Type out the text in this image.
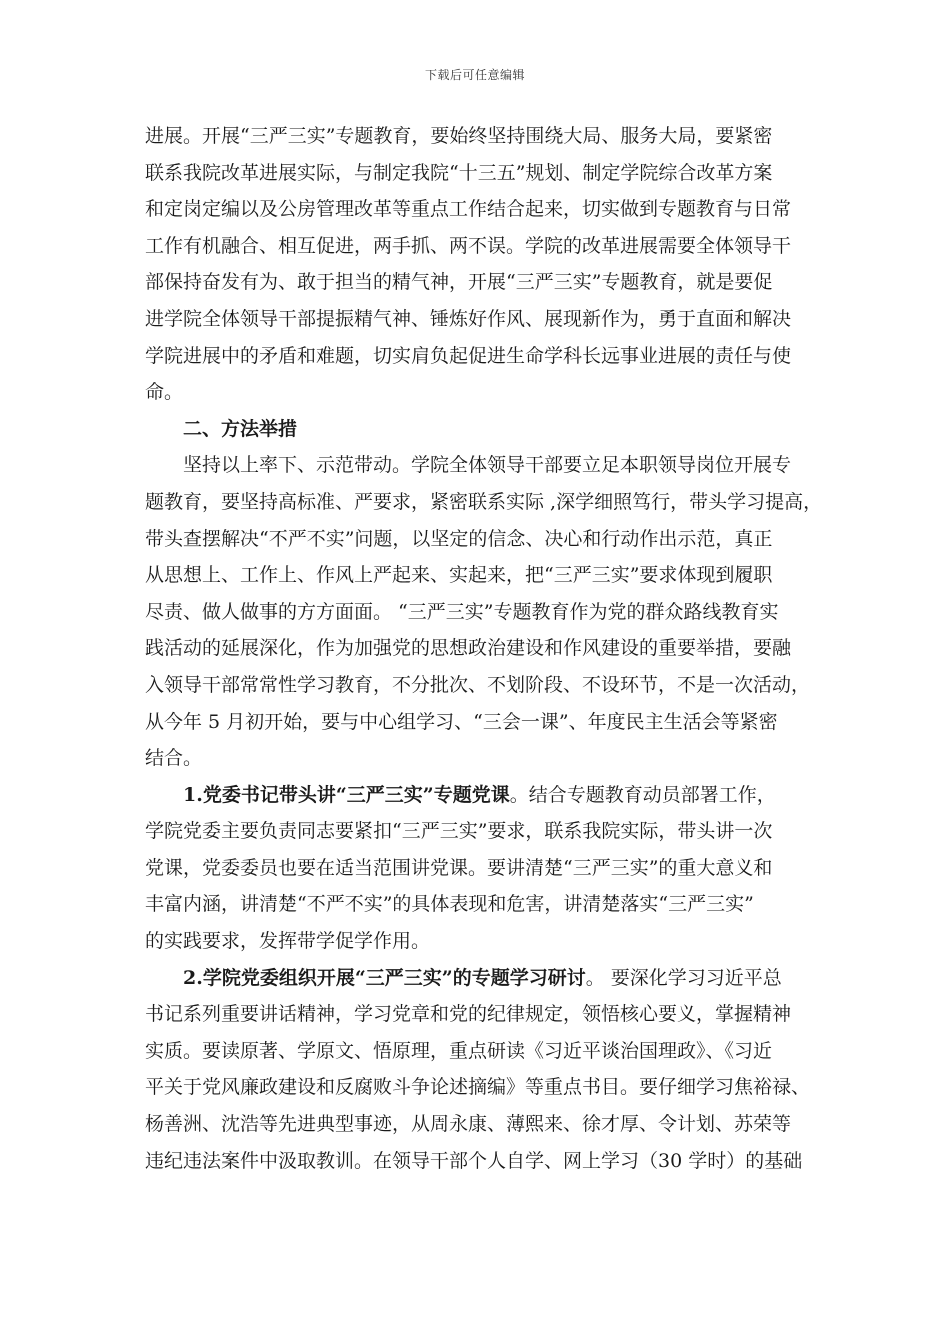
下载后可任意编辑
进展。开展“三严三实”专题教育，要始终坚持围绕大局、服务大局，要紧密
联系我院改革进展实际，与制定我院“十三五”规划、制定学院综合改革方案
和定岗定编以及公房管理改革等重点工作结合起来，切实做到专题教育与日常
工作有机融合、相互促进，两手抓、两不误。学院的改革进展需要全体领导干
部保持奋发有为、敢于担当的精气神，开展“三严三实”专题教育，就是要促
进学院全体领导干部提振精气神、锤炼好作风、展现新作为，勇于直面和解决
学院进展中的矛盾和难题，切实肩负起促进生命学科长远事业进展的责任与使
命。
二、方法举措
坚持以上率下、示范带动。学院全体领导干部要立足本职领导岗位开展专
题教育，要坚持高标准、严要求，紧密联系实际 ,深学细照笃行，带头学习提高，
带头查摆解决“不严不实”问题，以坚定的信念、决心和行动作出示范，真正
从思想上、工作上、作风上严起来、实起来，把“三严三实”要求体现到履职
尽责、做人做事的方方面面。 “三严三实”专题教育作为党的群众路线教育实
践活动的延展深化，作为加强党的思想政治建设和作风建设的重要举措，要融
入领导干部常常性学习教育，不分批次、不划阶段、不设环节，不是一次活动，
从今年 5 月初开始，要与中心组学习、“三会一课”、年度民主生活会等紧密
结合。
1.党委书记带头讲“三严三实”专题党课。结合专题教育动员部署工作，
学院党委主要负责同志要紧扣“三严三实”要求，联系我院实际，带头讲一次
党课，党委委员也要在适当范围讲党课。要讲清楚“三严三实”的重大意义和
丰富内涵，讲清楚“不严不实”的具体表现和危害，讲清楚落实“三严三实”
的实践要求，发挥带学促学作用。
2.学院党委组织开展“三严三实”的专题学习研讨。 要深化学习习近平总
书记系列重要讲话精神，学习党章和党的纪律规定，领悟核心要义，掌握精神
实质。要读原著、学原文、悟原理，重点研读《习近平谈治国理政》、《习近
平关于党风廉政建设和反腐败斗争论述摘编》等重点书目。要仔细学习焦裕禄、
杨善洲、沈浩等先进典型事迹，从周永康、薄熙来、徐才厚、令计划、苏荣等
违纪违法案件中汲取教训。在领导干部个人自学、网上学习（30 学时）的基础
